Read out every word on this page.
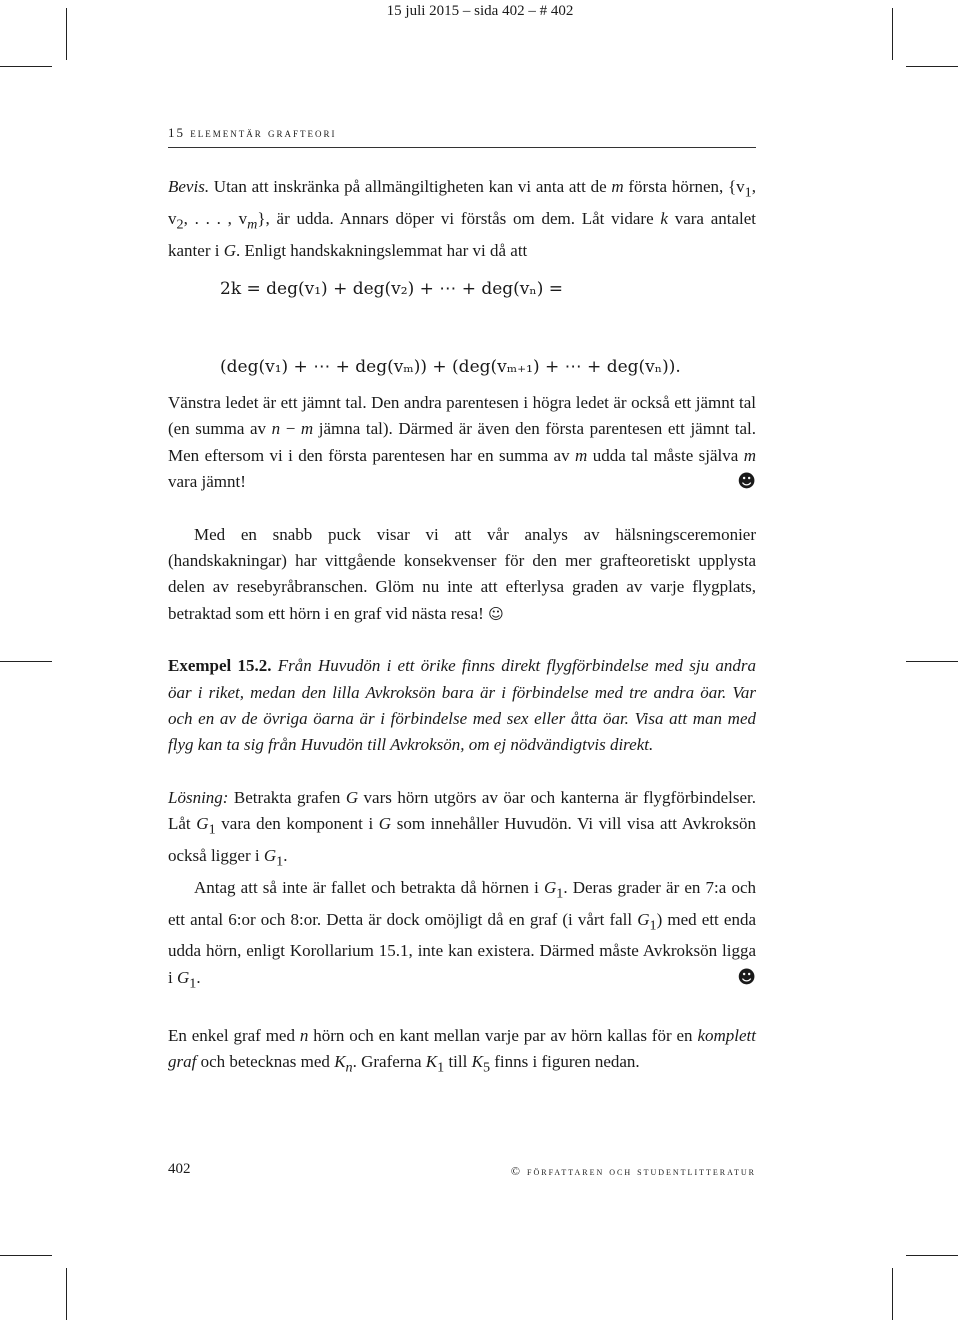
15 juli 2015 – sida 402 – # 402
15 elementär grafteori

Bevis. Utan att inskränka på allmängiltigheten kan vi anta att de m första hörnen, {$v_1$, $v_2$, . . . , $v_m$}, är udda. Annars döper vi förstås om dem. Låt vidare k vara antalet kanter i G. Enligt handskakningslemmat har vi då att

2k = deg(v₁) + deg(v₂) + ⋯ + deg(vₙ) =
(deg(v₁) + ⋯ + deg(vₘ)) + (deg(vₘ₊₁) + ⋯ + deg(vₙ)).

Vänstra ledet är ett jämnt tal. Den andra parentesen i högra ledet är också ett jämnt tal (en summa av n − m jämna tal). Därmed är även den första parentesen ett jämnt tal. Men eftersom vi i den första parentesen har en summa av m udda tal måste själva m vara jämnt!	☻

Med en snabb puck visar vi att vår analys av hälsningsceremonier (handskakningar) har vittgående konsekvenser för den mer grafteoretiskt upplysta delen av resebyråbranschen. Glöm nu inte att efterlysa graden av varje flygplats, betraktad som ett hörn i en graf vid nästa resa! ☺

Exempel 15.2. Från Huvudön i ett örike finns direkt flygförbindelse med sju andra öar i riket, medan den lilla Avkroksön bara är i förbindelse med tre andra öar. Var och en av de övriga öarna är i förbindelse med sex eller åtta öar. Visa att man med flyg kan ta sig från Huvudön till Avkroksön, om ej nödvändigtvis direkt.

Lösning: Betrakta grafen G vars hörn utgörs av öar och kanterna är flygförbindelser. Låt $G_1$ vara den komponent i G som innehåller Huvudön. Vi vill visa att Avkroksön också ligger i $G_1$.

Antag att så inte är fallet och betrakta då hörnen i $G_1$. Deras grader är en 7:a och ett antal 6:or och 8:or. Detta är dock omöjligt då en graf (i vårt fall $G_1$) med ett enda udda hörn, enligt Korollarium 15.1, inte kan existera. Därmed måste Avkroksön ligga i $G_1$.	☻

En enkel graf med n hörn och en kant mellan varje par av hörn kallas för en komplett graf och betecknas med $K_n$. Graferna $K_1$ till $K_5$ finns i figuren nedan.

402	© författaren och studentlitteratur
